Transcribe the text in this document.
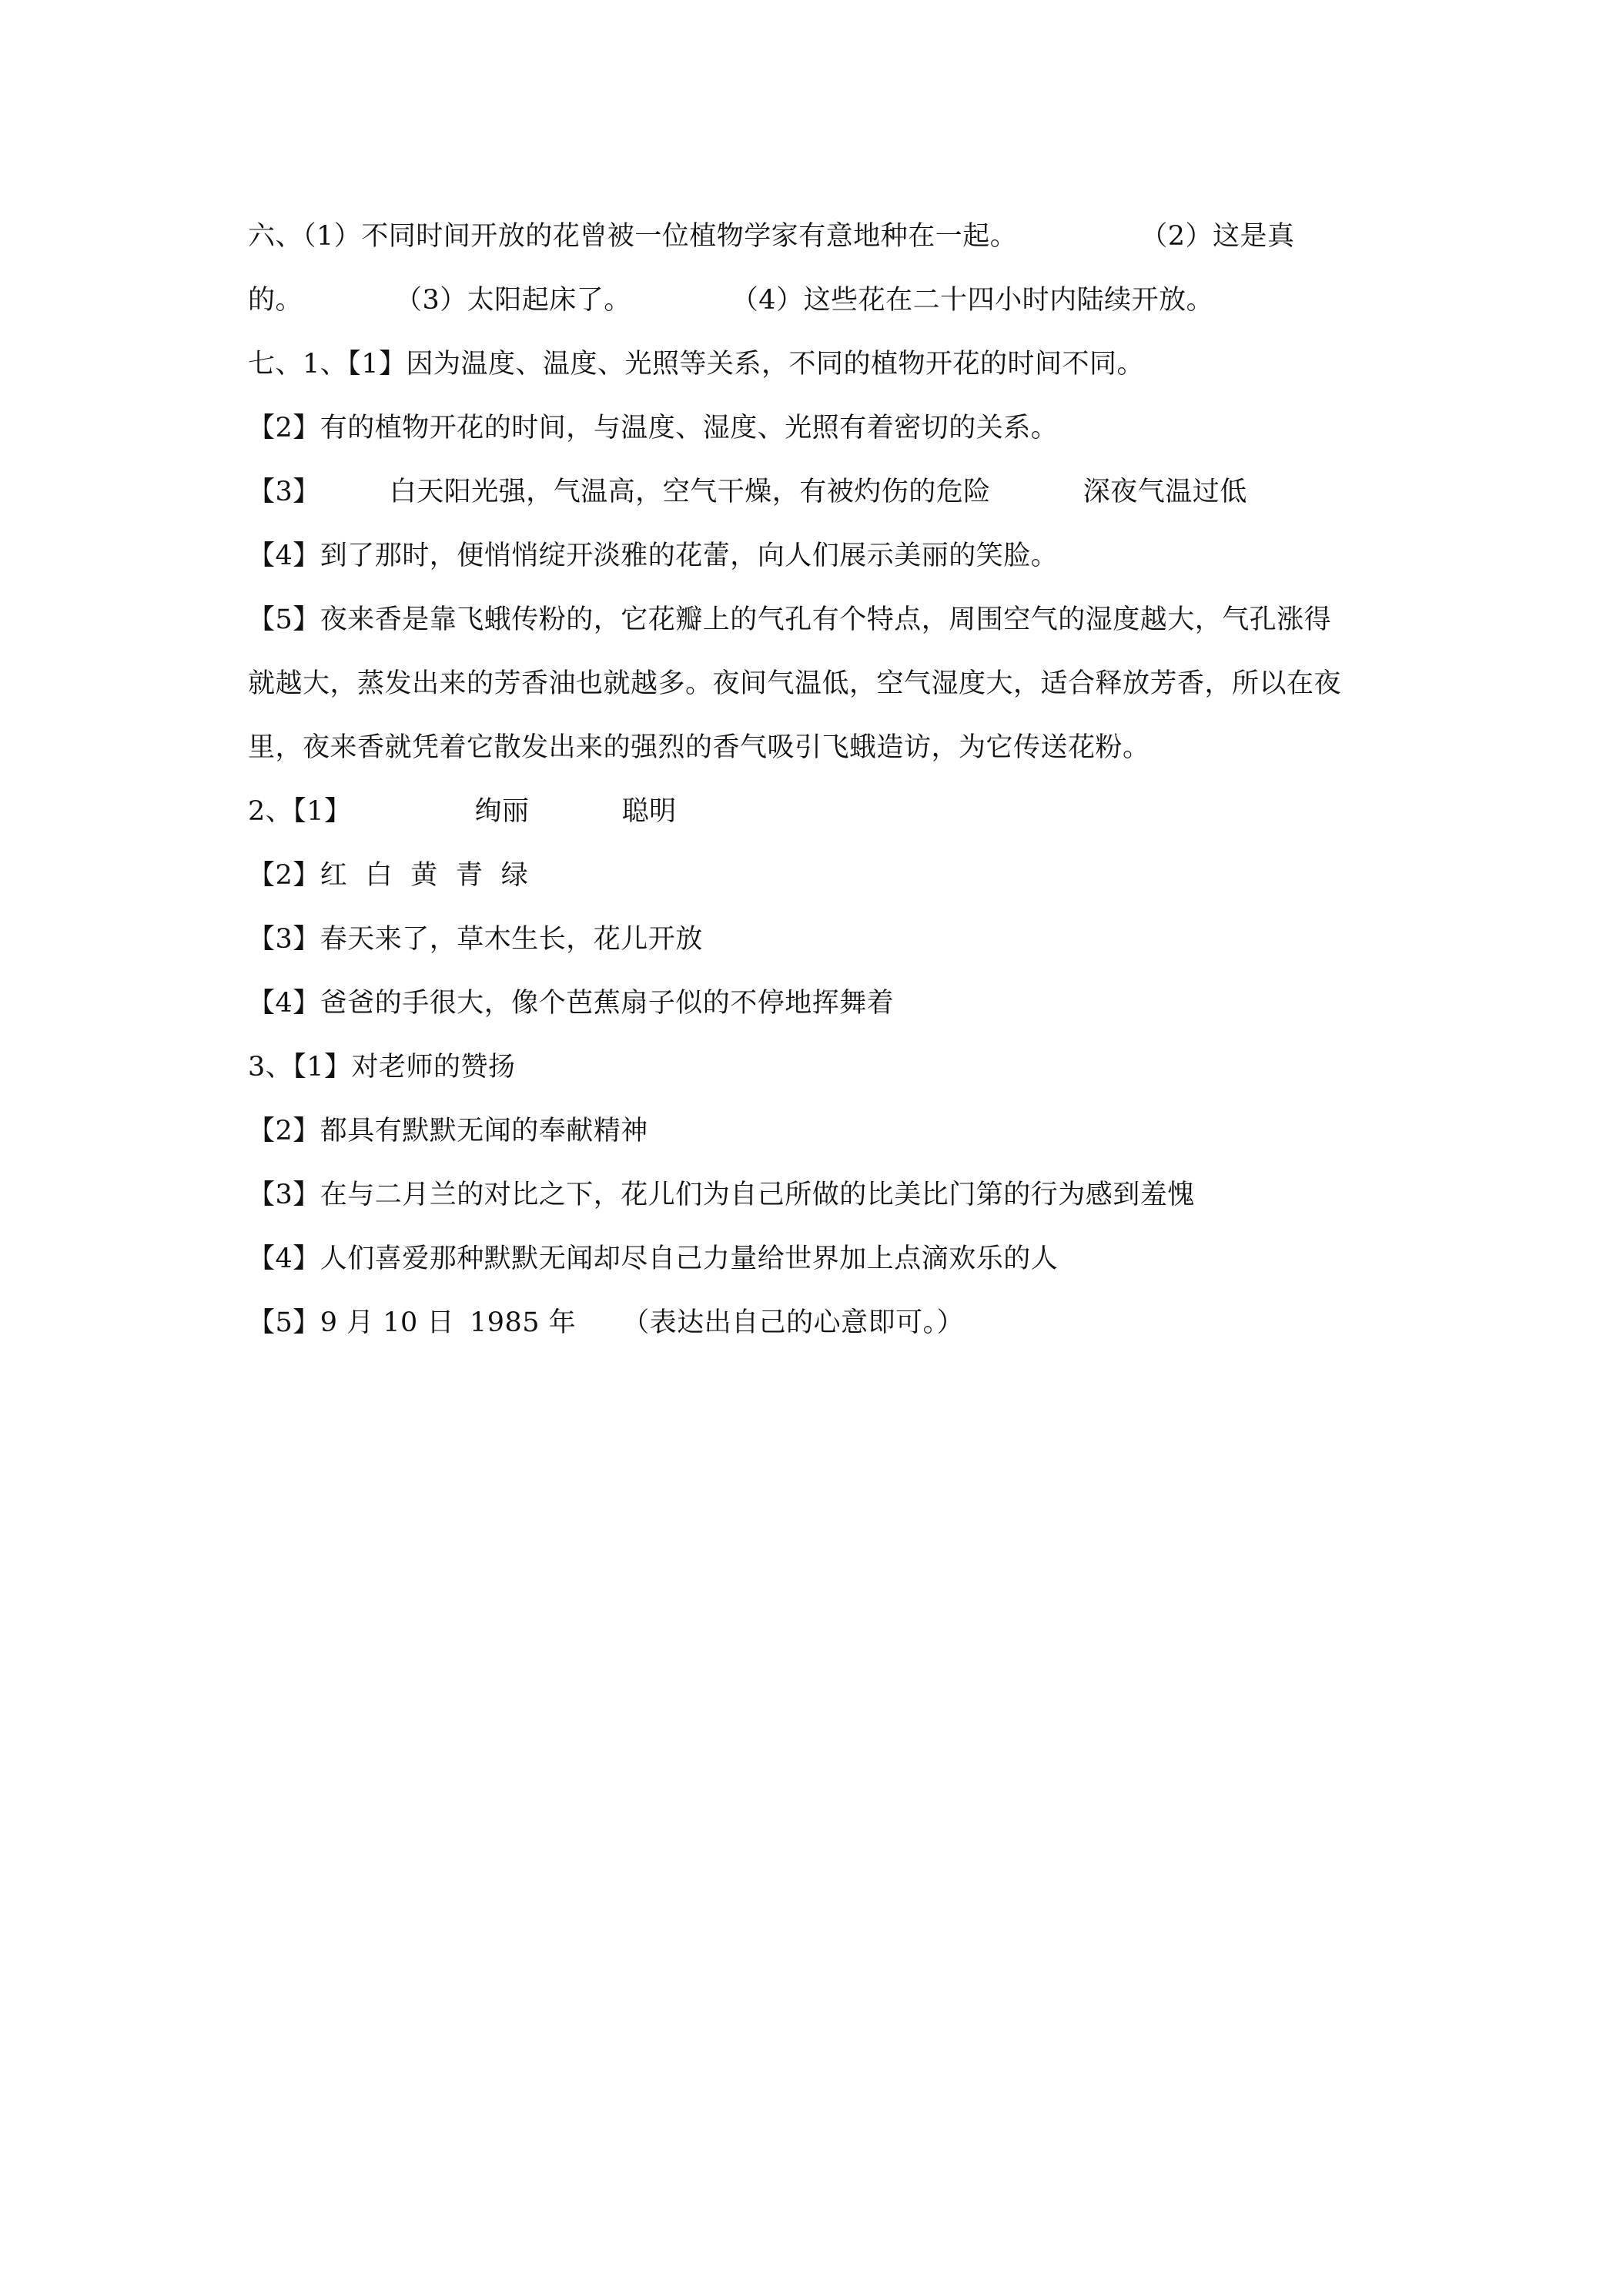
六、（1）不同时间开放的花曾被一位植物学家有意地种在一起。	（2）这是真
的。	（3）太阳起床了。	（4）这些花在二十四小时内陆续开放。
七、1、【1】因为温度、温度、光照等关系，不同的植物开花的时间不同。
【2】有的植物开花的时间，与温度、湿度、光照有着密切的关系。
【3】	白天阳光强，气温高，空气干燥，有被灼伤的危险	深夜气温过低
【4】到了那时，便悄悄绽开淡雅的花蕾，向人们展示美丽的笑脸。
【5】夜来香是靠飞蛾传粉的，它花瓣上的气孔有个特点，周围空气的湿度越大，气孔涨得
就越大，蒸发出来的芳香油也就越多。夜间气温低，空气湿度大，适合释放芳香，所以在夜
里，夜来香就凭着它散发出来的强烈的香气吸引飞蛾造访，为它传送花粉。
2、【1】	绚丽	聪明
【2】红  白  黄  青  绿
【3】春天来了，草木生长，花儿开放
【4】爸爸的手很大，像个芭蕉扇子似的不停地挥舞着
3、【1】对老师的赞扬
【2】都具有默默无闻的奉献精神
【3】在与二月兰的对比之下，花儿们为自己所做的比美比门第的行为感到羞愧
【4】人们喜爱那种默默无闻却尽自己力量给世界加上点滴欢乐的人
【5】9 月 10 日 1985 年 （表达出自己的心意即可。）
